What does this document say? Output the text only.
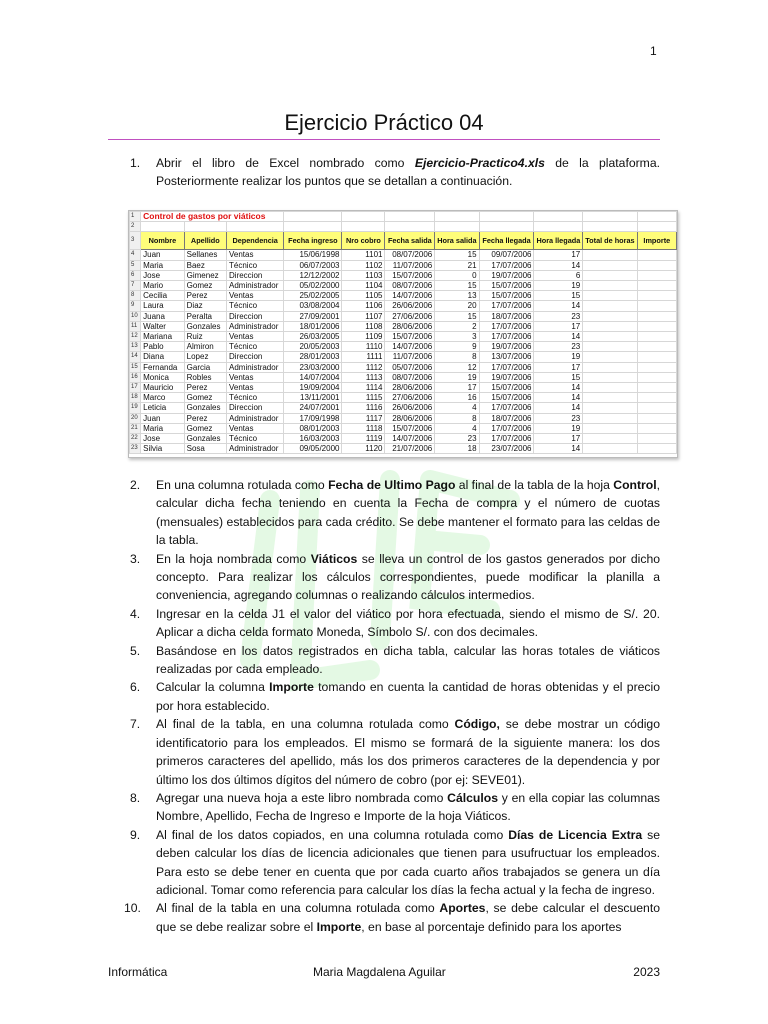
1
Ejercicio Práctico 04
1. Abrir el libro de Excel nombrado como Ejercicio-Practico4.xls de la plataforma. Posteriormente realizar los puntos que se detallan a continuación.
1	Control de gastos por viáticos										
2											
3	Nombre	Apellido	Dependencia	Fecha ingreso	Nro cobro	Fecha salida	Hora salida	Fecha llegada	Hora llegada	Total de horas	Importe
4	Juan	Sellanes	Ventas	15/06/1998	1101	08/07/2006	15	09/07/2006	17		
5	Maria	Baez	Técnico	06/07/2003	1102	11/07/2006	21	17/07/2006	14		
6	Jose	Gimenez	Direccion	12/12/2002	1103	15/07/2006	0	19/07/2006	6		
7	Mario	Gomez	Administrador	05/02/2000	1104	08/07/2006	15	15/07/2006	19		
8	Cecilia	Perez	Ventas	25/02/2005	1105	14/07/2006	13	15/07/2006	15		
9	Laura	Diaz	Técnico	03/08/2004	1106	26/06/2006	20	17/07/2006	14		
10	Juana	Peralta	Direccion	27/09/2001	1107	27/06/2006	15	18/07/2006	23		
11	Walter	Gonzales	Administrador	18/01/2006	1108	28/06/2006	2	17/07/2006	17		
12	Mariana	Ruiz	Ventas	26/03/2005	1109	15/07/2006	3	17/07/2006	14		
13	Pablo	Almiron	Técnico	20/05/2003	1110	14/07/2006	9	19/07/2006	23		
14	Diana	Lopez	Direccion	28/01/2003	1111	11/07/2006	8	13/07/2006	19		
15	Fernanda	Garcia	Administrador	23/03/2000	1112	05/07/2006	12	17/07/2006	17		
16	Monica	Robles	Ventas	14/07/2004	1113	08/07/2006	19	19/07/2006	15		
17	Mauricio	Perez	Ventas	19/09/2004	1114	28/06/2006	17	15/07/2006	14		
18	Marco	Gomez	Técnico	13/11/2001	1115	27/06/2006	16	15/07/2006	14		
19	Leticia	Gonzales	Direccion	24/07/2001	1116	26/06/2006	4	17/07/2006	14		
20	Juan	Perez	Administrador	17/09/1998	1117	28/06/2006	8	18/07/2006	23		
21	Maria	Gomez	Ventas	08/01/2003	1118	15/07/2006	4	17/07/2006	19		
22	Jose	Gonzales	Técnico	16/03/2003	1119	14/07/2006	23	17/07/2006	17		
23	Silvia	Sosa	Administrador	09/05/2000	1120	21/07/2006	18	23/07/2006	14		
2. En una columna rotulada como Fecha de Ultimo Pago al final de la tabla de la hoja Control, calcular dicha fecha teniendo en cuenta la Fecha de compra y el número de cuotas (mensuales) establecidos para cada crédito. Se debe mantener el formato para las celdas de la tabla.
3. En la hoja nombrada como Viáticos se lleva un control de los gastos generados por dicho concepto. Para realizar los cálculos correspondientes, puede modificar la planilla a conveniencia, agregando columnas o realizando cálculos intermedios.
4. Ingresar en la celda J1 el valor del viático por hora efectuada, siendo el mismo de S/. 20. Aplicar a dicha celda formato Moneda, Símbolo S/. con dos decimales.
5. Basándose en los datos registrados en dicha tabla, calcular las horas totales de viáticos realizadas por cada empleado.
6. Calcular la columna Importe tomando en cuenta la cantidad de horas obtenidas y el precio por hora establecido.
7. Al final de la tabla, en una columna rotulada como Código, se debe mostrar un código identificatorio para los empleados. El mismo se formará de la siguiente manera: los dos primeros caracteres del apellido, más los dos primeros caracteres de la dependencia y por último los dos últimos dígitos del número de cobro (por ej: SEVE01).
8. Agregar una nueva hoja a este libro nombrada como Cálculos y en ella copiar las columnas Nombre, Apellido, Fecha de Ingreso e Importe de la hoja Viáticos.
9. Al final de los datos copiados, en una columna rotulada como Días de Licencia Extra se deben calcular los días de licencia adicionales que tienen para usufructuar los empleados. Para esto se debe tener en cuenta que por cada cuarto años trabajados se genera un día adicional. Tomar como referencia para calcular los días la fecha actual y la fecha de ingreso.
10. Al final de la tabla en una columna rotulada como Aportes, se debe calcular el descuento que se debe realizar sobre el Importe, en base al porcentaje definido para los aportes
Informática	Maria Magdalena Aguilar	2023
